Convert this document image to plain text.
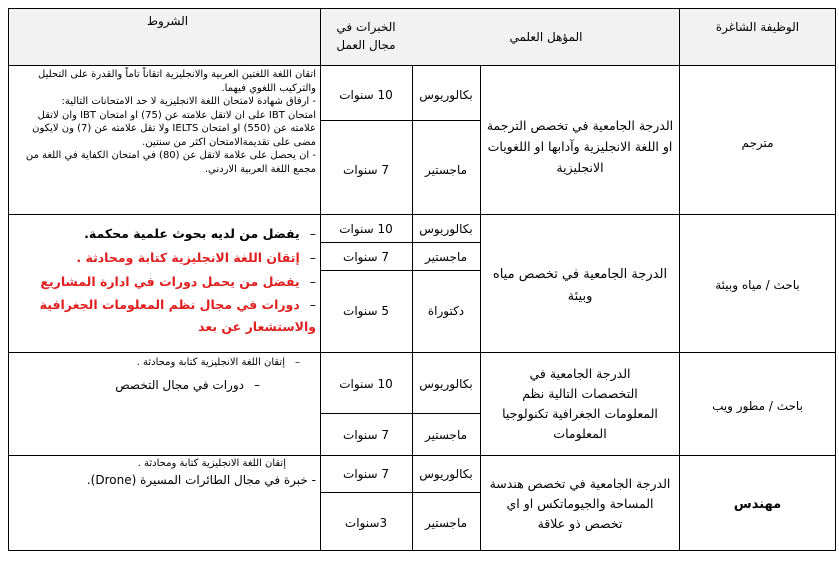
الوظيفة الشاغرة
المؤهل العلمي
الخبرات في مجال العمل
الشروط
مترجم
الدرجة الجامعية في تخصص الترجمة او اللغة الانجليزية وآدابها او اللغويات الانجليزية
بكالوريوس
ماجستير
10 سنوات
7 سنوات
اتقان اللغة اللغتين العربية والانجليزية اتقاناً تاماً والقدرة على التحليل والتركيب اللغوي فيهما.
- ارفاق شهادة لامتحان اللغة الانجليزية لا حد الامتحانات التالية:
امتحان IBT على ان لاتقل علامته عن (75) او امتحان IBT وان لاتقل علامته عن (550) او امتحان IELTS ولا تقل علامته عن (7) ون لايكون مضى على تقديمةالامتحان اكثر من سنتين.
- ان يحصل على علامة لاتقل عن (80) في امتحان الكفاية في اللغة من مجمع اللغة العربية الاردني.
باحث / مياه وبيئة
الدرجة الجامعية في تخصص مياه وبيئة
بكالوريوس
ماجستير
دكتوراة
10 سنوات
7 سنوات
5 سنوات
– يفضل من لديه بحوث علمية محكمة.
– إتقان اللغة الانجليزية كتابة ومحادثة .
– يفضل من يحمل دورات في ادارة المشاريع
– دورات في مجال نظم المعلومات الجغرافية والاستشعار عن بعد
باحث / مطور ويب
الدرجة الجامعية في التخصصات التالية نظم المعلومات الجغرافية تكنولوجيا المعلومات
بكالوريوس
ماجستير
10 سنوات
7 سنوات
– إتقان اللغة الانجليزية كتابة ومحادثة .
– دورات في مجال التخصص
مهندس
الدرجة الجامعية في تخصص هندسة المساحة والجيوماتكس او اي تخصص ذو علاقة
بكالوريوس
ماجستير
7 سنوات
3سنوات
إتقان اللغة الانجليزية كتابة ومحادثة .
- خبرة في مجال الطائرات المسيرة (Drone).
